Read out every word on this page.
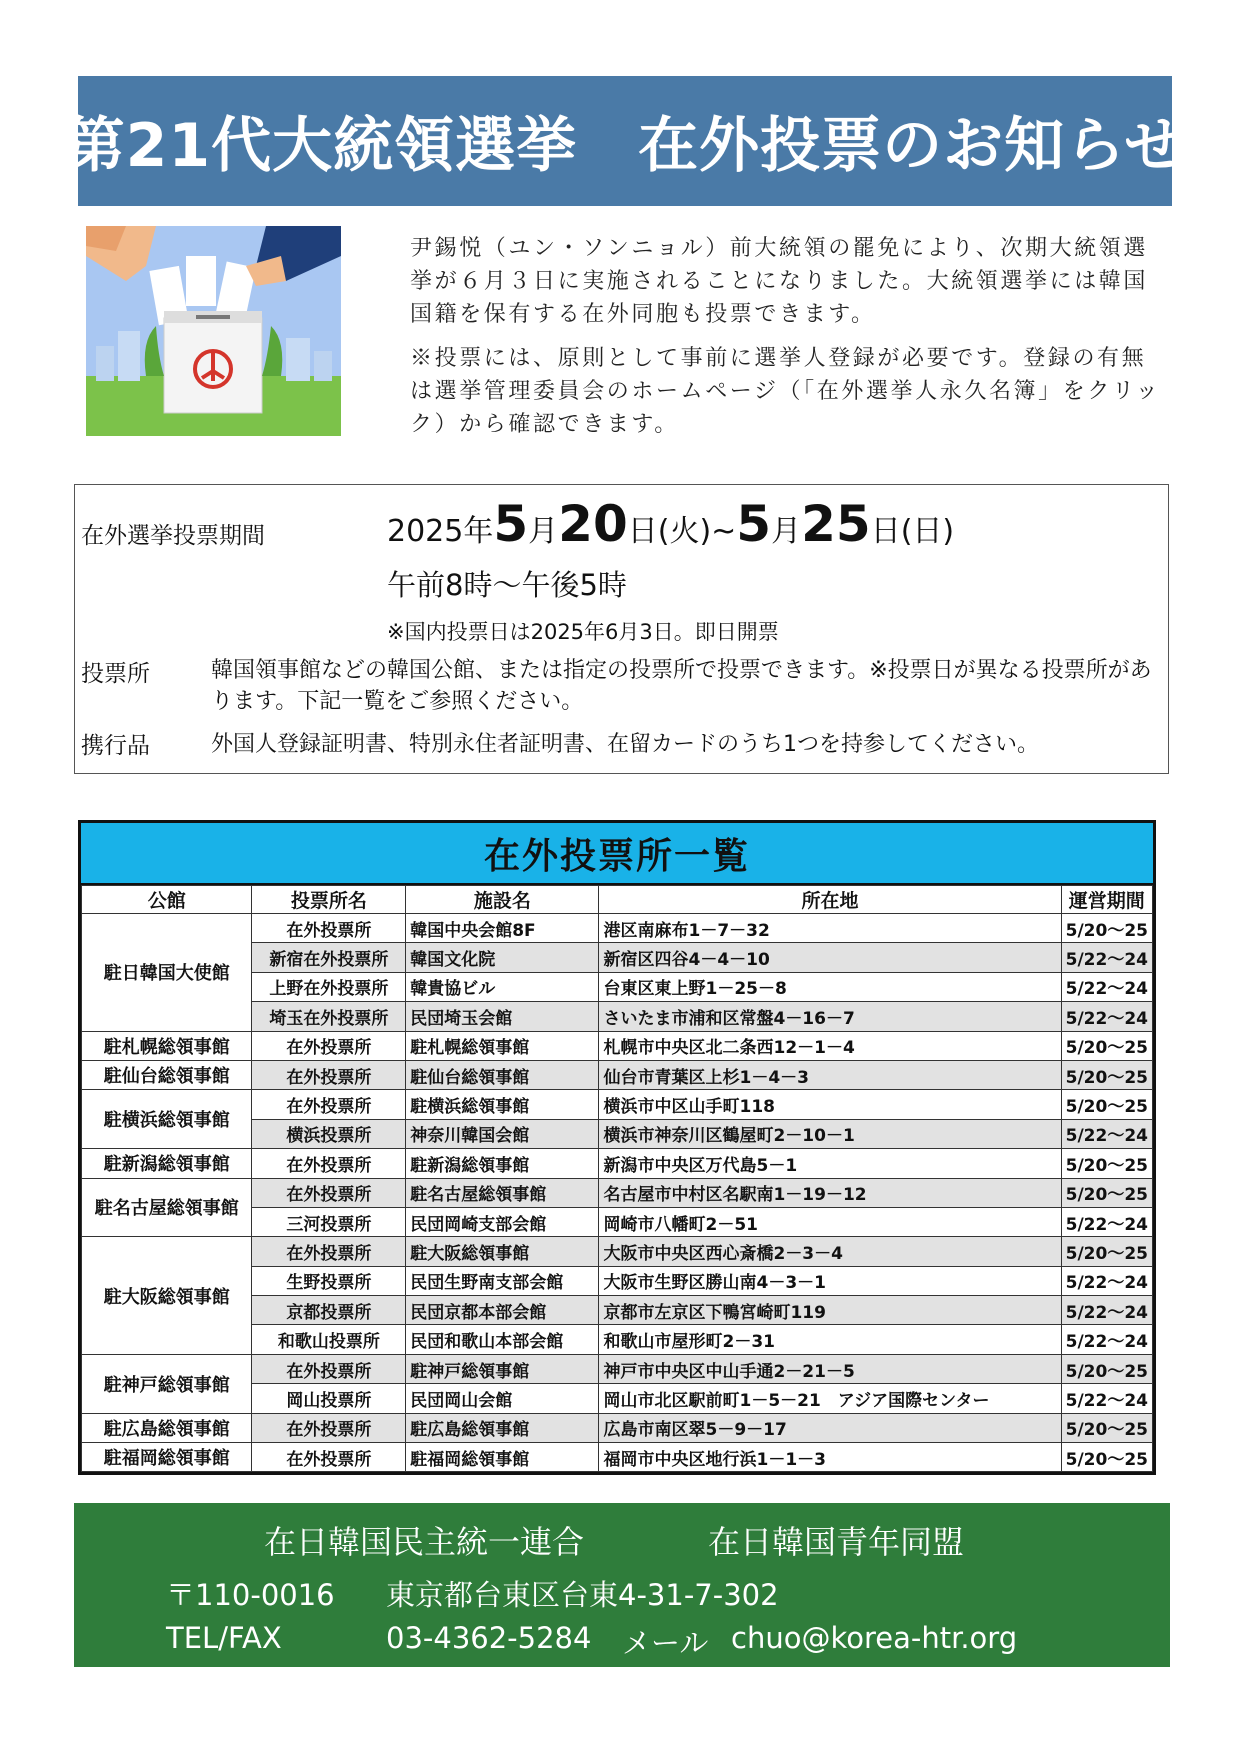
第21代大統領選挙　在外投票のお知らせ

尹錫悦（ユン・ソンニョル）前大統領の罷免により、次期大統領選挙が６月３日に実施されることになりました。大統領選挙には韓国国籍を保有する在外同胞も投票できます。

※投票には、原則として事前に選挙人登録が必要です。登録の有無は選挙管理委員会のホームページ（「在外選挙人永久名簿」をクリック）から確認できます。

在外選挙投票期間	2025年5月20日(火)~5月25日(日)
午前8時～午後5時
※国内投票日は2025年6月3日。即日開票
投票所	韓国領事館などの韓国公館、または指定の投票所で投票できます。※投票日が異なる投票所があります。下記一覧をご参照ください。
携行品	外国人登録証明書、特別永住者証明書、在留カードのうち1つを持参してください。
在外投票所一覧
公館	投票所名	施設名	所在地	運営期間
駐日韓国大使館	在外投票所	韓国中央会館8F	港区南麻布1－7－32	5/20～25
	新宿在外投票所	韓国文化院	新宿区四谷4－4－10	5/22～24
	上野在外投票所	韓貴協ビル	台東区東上野1－25－8	5/22～24
	埼玉在外投票所	民団埼玉会館	さいたま市浦和区常盤4－16－7	5/22～24
駐札幌総領事館	在外投票所	駐札幌総領事館	札幌市中央区北二条西12－1－4	5/20～25
駐仙台総領事館	在外投票所	駐仙台総領事館	仙台市青葉区上杉1－4－3	5/20～25
駐横浜総領事館	在外投票所	駐横浜総領事館	横浜市中区山手町118	5/20～25
	横浜投票所	神奈川韓国会館	横浜市神奈川区鶴屋町2－10－1	5/22～24
駐新潟総領事館	在外投票所	駐新潟総領事館	新潟市中央区万代島5－1	5/20～25
駐名古屋総領事館	在外投票所	駐名古屋総領事館	名古屋市中村区名駅南1－19－12	5/20～25
	三河投票所	民団岡崎支部会館	岡崎市八幡町2－51	5/22～24
駐大阪総領事館	在外投票所	駐大阪総領事館	大阪市中央区西心斎橋2－3－4	5/20～25
	生野投票所	民団生野南支部会館	大阪市生野区勝山南4－3－1	5/22～24
	京都投票所	民団京都本部会館	京都市左京区下鴨宮崎町119	5/22～24
	和歌山投票所	民団和歌山本部会館	和歌山市屋形町2－31	5/22～24
駐神戸総領事館	在外投票所	駐神戸総領事館	神戸市中央区中山手通2－21－5	5/20～25
	岡山投票所	民団岡山会館	岡山市北区駅前町1－5－21　アジア国際センター	5/22～24
駐広島総領事館	在外投票所	駐広島総領事館	広島市南区翠5－9－17	5/20～25
駐福岡総領事館	在外投票所	駐福岡総領事館	福岡市中央区地行浜1－1－3	5/20～25
在日韓国民主統一連合	在日韓国青年同盟
〒110-0016 東京都台東区台東4-31-7-302
TEL/FAX	03-4362-5284 メール chuo@korea-htr.org
